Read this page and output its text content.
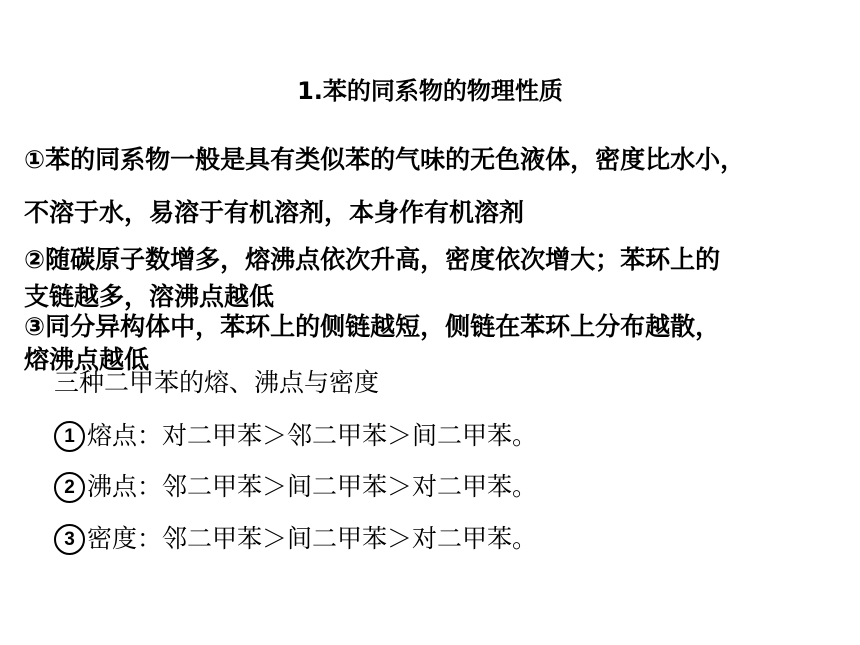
1.苯的同系物的物理性质
①苯的同系物一般是具有类似苯的气味的无色液体，密度比水小，
不溶于水，易溶于有机溶剂，本身作有机溶剂
②随碳原子数增多，熔沸点依次升高，密度依次增大；苯环上的
支链越多，溶沸点越低
③同分异构体中，苯环上的侧链越短，侧链在苯环上分布越散，
熔沸点越低
三种二甲苯的熔、沸点与密度
1 熔点：对二甲苯＞邻二甲苯＞间二甲苯。
2 沸点：邻二甲苯＞间二甲苯＞对二甲苯。
3 密度：邻二甲苯＞间二甲苯＞对二甲苯。
